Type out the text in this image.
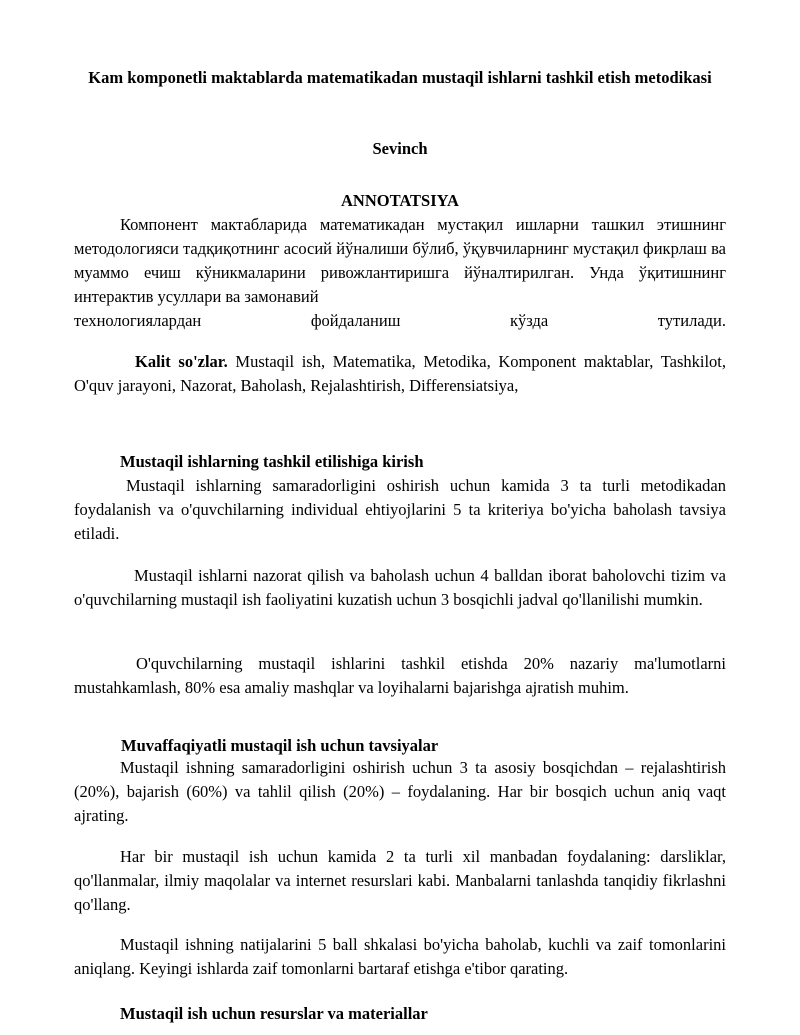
Kam komponetli maktablarda matematikadan mustaqil ishlarni tashkil etish metodikasi
Sevinch
ANNOTATSIYA
Компонент мактабларида математикадан мустақил ишларни ташкил этишнинг методологияси тадқиқотнинг асосий йўналиши бўлиб, ўқувчиларнинг мустақил фикрлаш ва муаммо ечиш кўникмаларини ривожлантиришга йўналтирилган. Унда ўқитишнинг интерактив усуллари ва замонавий
технологиялардан фойдаланиш кўзда тутилади.
Kalit so'zlar. Mustaqil ish, Matematika, Metodika, Komponent maktablar, Tashkilot, O'quv jarayoni, Nazorat, Baholash, Rejalashtirish, Differensiatsiya,
Mustaqil ishlarning tashkil etilishiga kirish
Mustaqil ishlarning samaradorligini oshirish uchun kamida 3 ta turli metodikadan foydalanish va o'quvchilarning individual ehtiyojlarini 5 ta kriteriya bo'yicha baholash tavsiya etiladi.
Mustaqil ishlarni nazorat qilish va baholash uchun 4 balldan iborat baholovchi tizim va o'quvchilarning mustaqil ish faoliyatini kuzatish uchun 3 bosqichli jadval qo'llanilishi mumkin.
O'quvchilarning mustaqil ishlarini tashkil etishda 20% nazariy ma'lumotlarni mustahkamlash, 80% esa amaliy mashqlar va loyihalarni bajarishga ajratish muhim.
Muvaffaqiyatli mustaqil ish uchun tavsiyalar
Mustaqil ishning samaradorligini oshirish uchun 3 ta asosiy bosqichdan – rejalashtirish (20%), bajarish (60%) va tahlil qilish (20%) – foydalaning. Har bir bosqich uchun aniq vaqt ajrating.
Har bir mustaqil ish uchun kamida 2 ta turli xil manbadan foydalaning: darsliklar, qo'llanmalar, ilmiy maqolalar va internet resurslari kabi. Manbalarni tanlashda tanqidiy fikrlashni qo'llang.
Mustaqil ishning natijalarini 5 ball shkalasi bo'yicha baholab, kuchli va zaif tomonlarini aniqlang. Keyingi ishlarda zaif tomonlarni bartaraf etishga e'tibor qarating.
Mustaqil ish uchun resurslar va materiallar
